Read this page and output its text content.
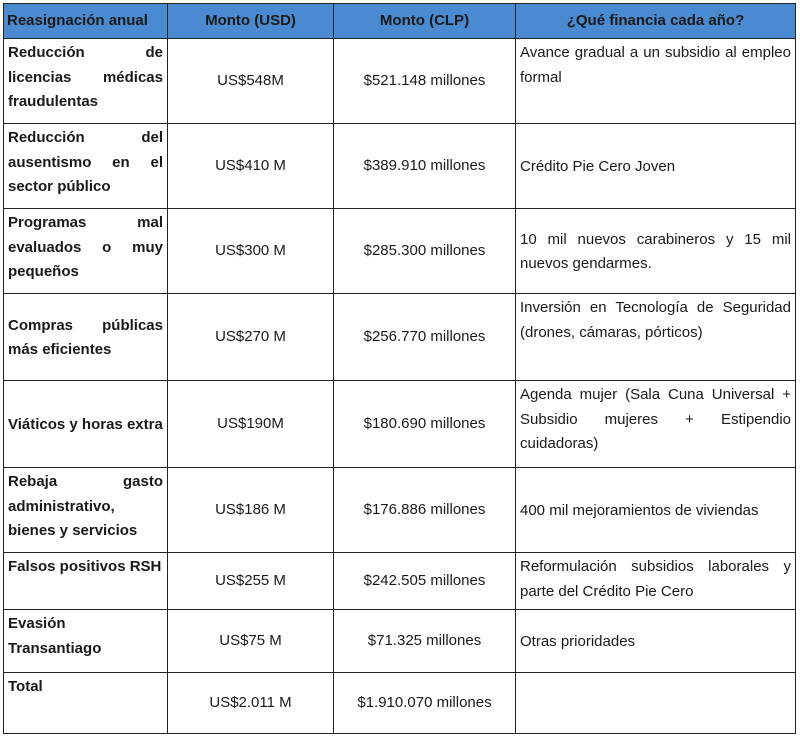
Reasignación anual	Monto (USD)	Monto (CLP)	¿Qué financia cada año?
Reducción de licencias médicas fraudulentas	US$548M	$521.148 millones	Avance gradual a un subsidio al empleo formal
Reducción del ausentismo en el sector público	US$410 M	$389.910 millones	Crédito Pie Cero Joven
Programas mal evaluados o muy pequeños	US$300 M	$285.300 millones	10 mil nuevos carabineros y 15 mil nuevos gendarmes.
Compras públicas más eficientes	US$270 M	$256.770 millones	Inversión en Tecnología de Seguridad (drones, cámaras, pórticos)
Viáticos y horas extra	US$190M	$180.690 millones	Agenda mujer (Sala Cuna Universal + Subsidio mujeres + Estipendio cuidadoras)
Rebaja gasto administrativo, bienes y servicios	US$186 M	$176.886 millones	400 mil mejoramientos de viviendas
Falsos positivos RSH	US$255 M	$242.505 millones	Reformulación subsidios laborales y parte del Crédito Pie Cero
Evasión Transantiago	US$75 M	$71.325 millones	Otras prioridades
Total	US$2.011 M	$1.910.070 millones	
